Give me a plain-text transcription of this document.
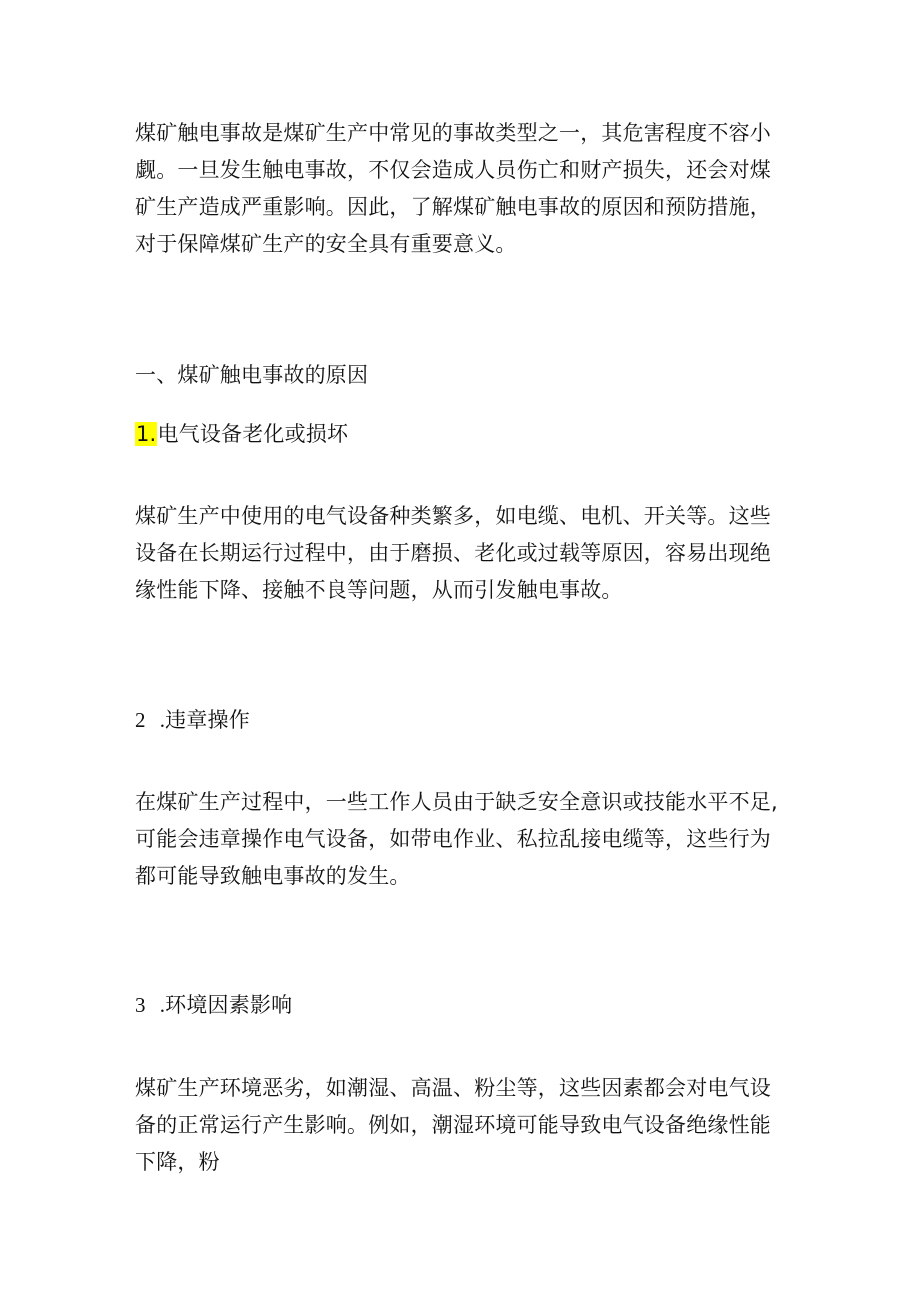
煤矿触电事故是煤矿生产中常见的事故类型之一，其危害程度不容小觑。一旦发生触电事故，不仅会造成人员伤亡和财产损失，还会对煤矿生产造成严重影响。因此，了解煤矿触电事故的原因和预防措施，对于保障煤矿生产的安全具有重要意义。

一、煤矿触电事故的原因

1.电气设备老化或损坏

煤矿生产中使用的电气设备种类繁多，如电缆、电机、开关等。这些设备在长期运行过程中，由于磨损、老化或过载等原因，容易出现绝缘性能下降、接触不良等问题，从而引发触电事故。

2 .违章操作

在煤矿生产过程中，一些工作人员由于缺乏安全意识或技能水平不足,可能会违章操作电气设备，如带电作业、私拉乱接电缆等，这些行为都可能导致触电事故的发生。

3 .环境因素影响

煤矿生产环境恶劣，如潮湿、高温、粉尘等，这些因素都会对电气设备的正常运行产生影响。例如，潮湿环境可能导致电气设备绝缘性能下降，粉
